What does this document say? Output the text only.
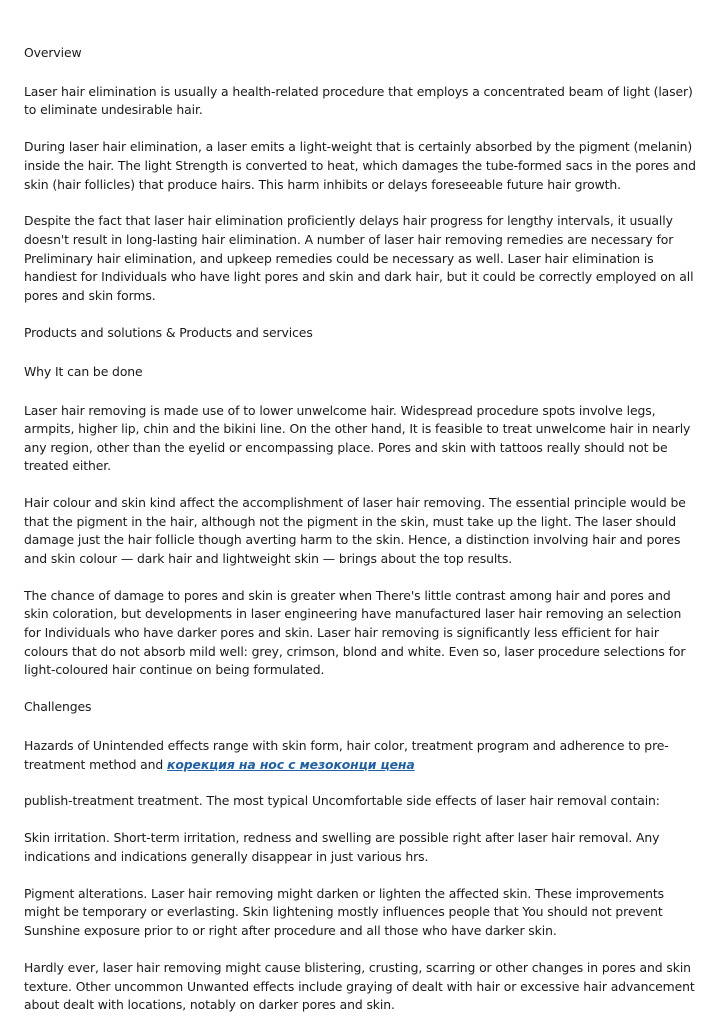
Overview

Laser hair elimination is usually a health-related procedure that employs a concentrated beam of light (laser) to eliminate undesirable hair.

During laser hair elimination, a laser emits a light-weight that is certainly absorbed by the pigment (melanin) inside the hair. The light Strength is converted to heat, which damages the tube-formed sacs in the pores and skin (hair follicles) that produce hairs. This harm inhibits or delays foreseeable future hair growth.

Despite the fact that laser hair elimination proficiently delays hair progress for lengthy intervals, it usually doesn't result in long-lasting hair elimination. A number of laser hair removing remedies are necessary for Preliminary hair elimination, and upkeep remedies could be necessary as well. Laser hair elimination is handiest for Individuals who have light pores and skin and dark hair, but it could be correctly employed on all pores and skin forms.

Products and solutions & Products and services

Why It can be done

Laser hair removing is made use of to lower unwelcome hair. Widespread procedure spots involve legs, armpits, higher lip, chin and the bikini line. On the other hand, It is feasible to treat unwelcome hair in nearly any region, other than the eyelid or encompassing place. Pores and skin with tattoos really should not be treated either.

Hair colour and skin kind affect the accomplishment of laser hair removing. The essential principle would be that the pigment in the hair, although not the pigment in the skin, must take up the light. The laser should damage just the hair follicle though averting harm to the skin. Hence, a distinction involving hair and pores and skin colour — dark hair and lightweight skin — brings about the top results.

The chance of damage to pores and skin is greater when There's little contrast among hair and pores and skin coloration, but developments in laser engineering have manufactured laser hair removing an selection for Individuals who have darker pores and skin. Laser hair removing is significantly less efficient for hair colours that do not absorb mild well: grey, crimson, blond and white. Even so, laser procedure selections for light-coloured hair continue on being formulated.

Challenges

Hazards of Unintended effects range with skin form, hair color, treatment program and adherence to pre-treatment method and корекция на нос с мезоконци цена

publish-treatment treatment. The most typical Uncomfortable side effects of laser hair removal contain:

Skin irritation. Short-term irritation, redness and swelling are possible right after laser hair removal. Any indications and indications generally disappear in just various hrs.

Pigment alterations. Laser hair removing might darken or lighten the affected skin. These improvements might be temporary or everlasting. Skin lightening mostly influences people that You should not prevent Sunshine exposure prior to or right after procedure and all those who have darker skin.

Hardly ever, laser hair removing might cause blistering, crusting, scarring or other changes in pores and skin texture. Other uncommon Unwanted effects include graying of dealt with hair or excessive hair advancement about dealt with locations, notably on darker pores and skin.
